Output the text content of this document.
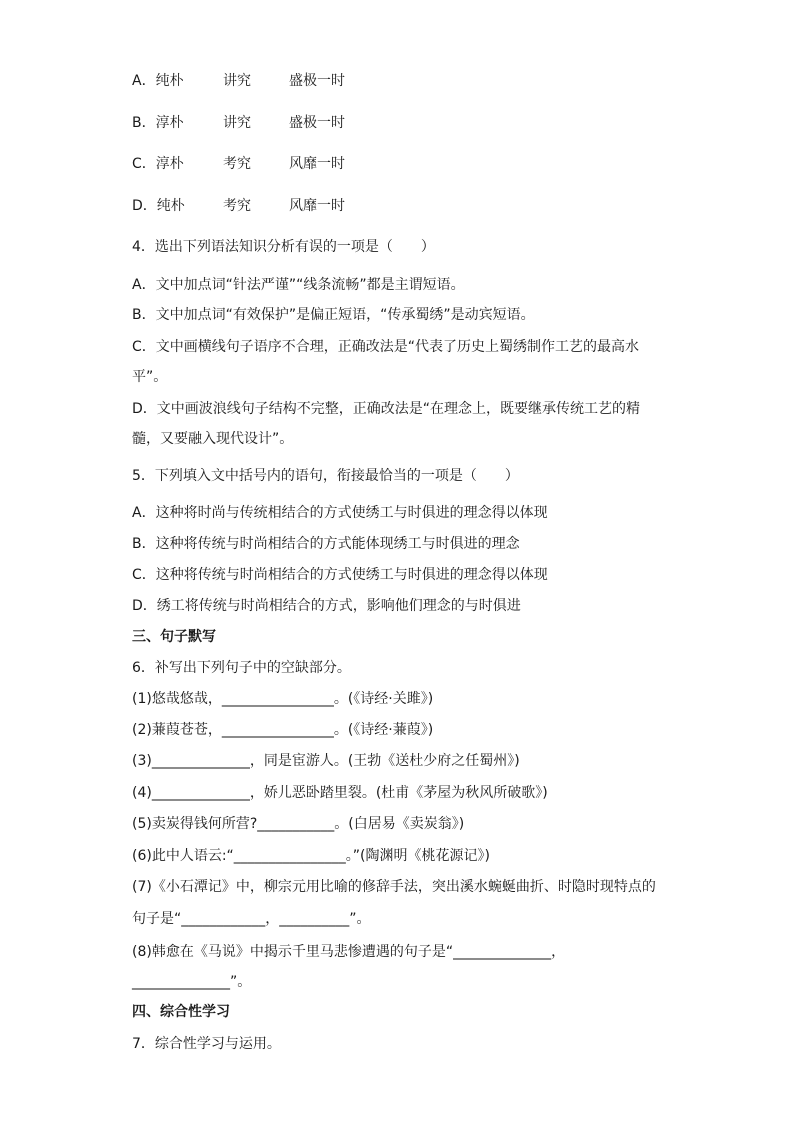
A．纯朴	讲究	盛极一时
B．淳朴	讲究	盛极一时
C．淳朴	考究	风靡一时
D．纯朴	考究	风靡一时
4．选出下列语法知识分析有误的一项是（　　）
A．文中加点词“针法严谨”“线条流畅”都是主谓短语。
B．文中加点词“有效保护”是偏正短语，“传承蜀绣”是动宾短语。
C．文中画横线句子语序不合理，正确改法是“代表了历史上蜀绣制作工艺的最高水
平”。
D．文中画波浪线句子结构不完整，正确改法是“在理念上，既要继承传统工艺的精
髓，又要融入现代设计”。
5．下列填入文中括号内的语句，衔接最恰当的一项是（　　）
A．这种将时尚与传统相结合的方式使绣工与时俱进的理念得以体现
B．这种将传统与时尚相结合的方式能体现绣工与时俱进的理念
C．这种将传统与时尚相结合的方式使绣工与时俱进的理念得以体现
D．绣工将传统与时尚相结合的方式，影响他们理念的与时俱进
三、句子默写
6．补写出下列句子中的空缺部分。
(1)悠哉悠哉，________________。(《诗经·关雎》)
(2)蒹葭苍苍，________________。(《诗经·蒹葭》)
(3)______________，同是宦游人。(王勃《送杜少府之任蜀州》)
(4)______________，娇儿恶卧踏里裂。(杜甫《茅屋为秋风所破歌》)
(5)卖炭得钱何所营?___________。(白居易《卖炭翁》)
(6)此中人语云:“________________。”(陶渊明《桃花源记》)
(7)《小石潭记》中，柳宗元用比喻的修辞手法，突出溪水蜿蜒曲折、时隐时现特点的
句子是“____________，__________”。
(8)韩愈在《马说》中揭示千里马悲惨遭遇的句子是“______________，
______________”。
四、综合性学习
7．综合性学习与运用。
